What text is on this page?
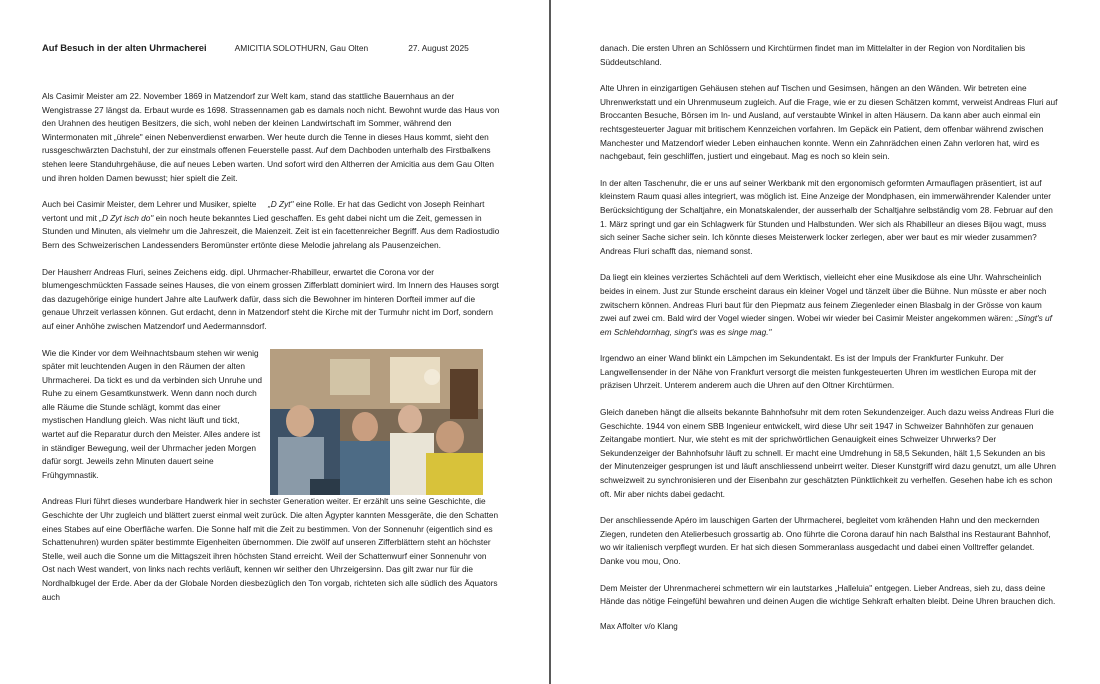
Auf Besuch in der alten Uhrmacherei	AMICITIA SOLOTHURN, Gau Olten	27. August 2025

Als Casimir Meister am 22. November 1869 in Matzendorf zur Welt kam, stand das stattliche Bauernhaus an der Wengistrasse 27 längst da. Erbaut wurde es 1698. Strassennamen gab es damals noch nicht. Bewohnt wurde das Haus von den Urahnen des heutigen Besitzers, die sich, wohl neben der kleinen Landwirtschaft im Sommer, während den Wintermonaten mit „ührele" einen Nebenverdienst erwarben. Wer heute durch die Tenne in dieses Haus kommt, sieht den russgeschwärzten Dachstuhl, der zur einstmals offenen Feuerstelle passt. Auf dem Dachboden unterhalb des Firstbalkens stehen leere Standuhrgehäuse, die auf neues Leben warten. Und sofort wird den Altherren der Amicitia aus dem Gau Olten und ihren holden Damen bewusst; hier spielt die Zeit.

Auch bei Casimir Meister, dem Lehrer und Musiker, spielte „D Zyt" eine Rolle. Er hat das Gedicht von Joseph Reinhart vertont und mit „D Zyt isch do" ein noch heute bekanntes Lied geschaffen. Es geht dabei nicht um die Zeit, gemessen in Stunden und Minuten, als vielmehr um die Jahreszeit, die Maienzeit. Zeit ist ein facettenreicher Begriff. Aus dem Radiostudio Bern des Schweizerischen Landessenders Beromünster ertönte diese Melodie jahrelang als Pausenzeichen.

Der Hausherr Andreas Fluri, seines Zeichens eidg. dipl. Uhrmacher-Rhabilleur, erwartet die Corona vor der blumengeschmückten Fassade seines Hauses, die von einem grossen Zifferblatt dominiert wird. Im Innern des Hauses sorgt das dazugehörige einige hundert Jahre alte Laufwerk dafür, dass sich die Bewohner im hinteren Dorfteil immer auf die genaue Uhrzeit verlassen können. Gut erdacht, denn in Matzendorf steht die Kirche mit der Turmuhr nicht im Dorf, sondern auf einer Anhöhe zwischen Matzendorf und Aedermannsdorf.

Wie die Kinder vor dem Weihnachtsbaum stehen wir wenig später mit leuchtenden Augen in den Räumen der alten Uhrmacherei. Da tickt es und da verbinden sich Unruhe und Ruhe zu einem Gesamtkunstwerk. Wenn dann noch durch alle Räume die Stunde schlägt, kommt das einer mystischen Handlung gleich. Was nicht läuft und tickt, wartet auf die Reparatur durch den Meister. Alles andere ist in ständiger Bewegung, weil der Uhrmacher jeden Morgen dafür sorgt. Jeweils zehn Minuten dauert seine Frühgymnastik.

Andreas Fluri führt dieses wunderbare Handwerk hier in sechster Generation weiter. Er erzählt uns seine Geschichte, die Geschichte der Uhr zugleich und blättert zuerst einmal weit zurück. Die alten Ägypter kannten Messgeräte, die den Schatten eines Stabes auf eine Oberfläche warfen. Die Sonne half mit die Zeit zu bestimmen. Von der Sonnenuhr (eigentlich sind es Schattenuhren) wurden später bestimmte Eigenheiten übernommen. Die zwölf auf unseren Zifferblättern steht an höchster Stelle, weil auch die Sonne um die Mittagszeit ihren höchsten Stand erreicht. Weil der Schattenwurf einer Sonnenuhr von Ost nach West wandert, von links nach rechts verläuft, kennen wir seither den Uhrzeigersinn. Das gilt zwar nur für die Nordhalbkugel der Erde. Aber da der Globale Norden diesbezüglich den Ton vorgab, richteten sich alle südlich des Äquators auch

danach. Die ersten Uhren an Schlössern und Kirchtürmen findet man im Mittelalter in der Region von Norditalien bis Süddeutschland.

Alte Uhren in einzigartigen Gehäusen stehen auf Tischen und Gesimsen, hängen an den Wänden. Wir betreten eine Uhrenwerkstatt und ein Uhrenmuseum zugleich. Auf die Frage, wie er zu diesen Schätzen kommt, verweist Andreas Fluri auf Broccanten Besuche, Börsen im In- und Ausland, auf verstaubte Winkel in alten Häusern. Da kann aber auch einmal ein rechtsgesteuerter Jaguar mit britischem Kennzeichen vorfahren. Im Gepäck ein Patient, dem offenbar während zwischen Manchester und Matzendorf wieder Leben einhauchen konnte. Wenn ein Zahnrädchen einen Zahn verloren hat, wird es nachgebaut, fein geschliffen, justiert und eingebaut. Mag es noch so klein sein.

In der alten Taschenuhr, die er uns auf seiner Werkbank mit den ergonomisch geformten Armauflagen präsentiert, ist auf kleinstem Raum quasi alles integriert, was möglich ist. Eine Anzeige der Mondphasen, ein immerwährender Kalender unter Berücksichtigung der Schaltjahre, ein Monatskalender, der ausserhalb der Schaltjahre selbständig vom 28. Februar auf den 1. März springt und gar ein Schlagwerk für Stunden und Halbstunden. Wer sich als Rhabilleur an dieses Bijou wagt, muss sich seiner Sache sicher sein. Ich könnte dieses Meisterwerk locker zerlegen, aber wer baut es mir wieder zusammen? Andreas Fluri schafft das, niemand sonst.

Da liegt ein kleines verziertes Schächteli auf dem Werktisch, vielleicht eher eine Musikdose als eine Uhr. Wahrscheinlich beides in einem. Just zur Stunde erscheint daraus ein kleiner Vogel und tänzelt über die Bühne. Nun müsste er aber noch zwitschern können. Andreas Fluri baut für den Piepmatz aus feinem Ziegenleder einen Blasbalg in der Grösse von kaum zwei auf zwei cm. Bald wird der Vogel wieder singen. Wobei wir wieder bei Casimir Meister angekommen wären: „Singt's uf em Schlehdornhag, singt's was es singe mag."

Irgendwo an einer Wand blinkt ein Lämpchen im Sekundentakt. Es ist der Impuls der Frankfurter Funkuhr. Der Langwellensender in der Nähe von Frankfurt versorgt die meisten funkgesteuerten Uhren im westlichen Europa mit der präzisen Uhrzeit. Unterem anderem auch die Uhren auf den Oltner Kirchtürmen.

Gleich daneben hängt die allseits bekannte Bahnhofsuhr mit dem roten Sekundenzeiger. Auch dazu weiss Andreas Fluri die Geschichte. 1944 von einem SBB Ingenieur entwickelt, wird diese Uhr seit 1947 in Schweizer Bahnhöfen zur genauen Zeitangabe montiert. Nur, wie steht es mit der sprichwörtlichen Genauigkeit eines Schweizer Uhrwerks? Der Sekundenzeiger der Bahnhofsuhr läuft zu schnell. Er macht eine Umdrehung in 58,5 Sekunden, hält 1,5 Sekunden an bis der Minutenzeiger gesprungen ist und läuft anschliessend unbeirrt weiter. Dieser Kunstgriff wird dazu genutzt, um alle Uhren schweizweit zu synchronisieren und der Eisenbahn zur geschätzten Pünktlichkeit zu verhelfen. Gesehen habe ich es schon oft. Mir aber nichts dabei gedacht.

Der anschliessende Apéro im lauschigen Garten der Uhrmacherei, begleitet vom krähenden Hahn und den meckernden Ziegen, rundeten den Atelierbesuch grossartig ab. Ono führte die Corona darauf hin nach Balsthal ins Restaurant Bahnhof, wo wir italienisch verpflegt wurden. Er hat sich diesen Sommeranlass ausgedacht und dabei einen Volltreffer gelandet. Danke vou mou, Ono.

Dem Meister der Uhrenmacherei schmettern wir ein lautstarkes „Halleluia" entgegen. Lieber Andreas, sieh zu, dass deine Hände das nötige Feingefühl bewahren und deinen Augen die wichtige Sehkraft erhalten bleibt. Deine Uhren brauchen dich.

Max Affolter v/o Klang
